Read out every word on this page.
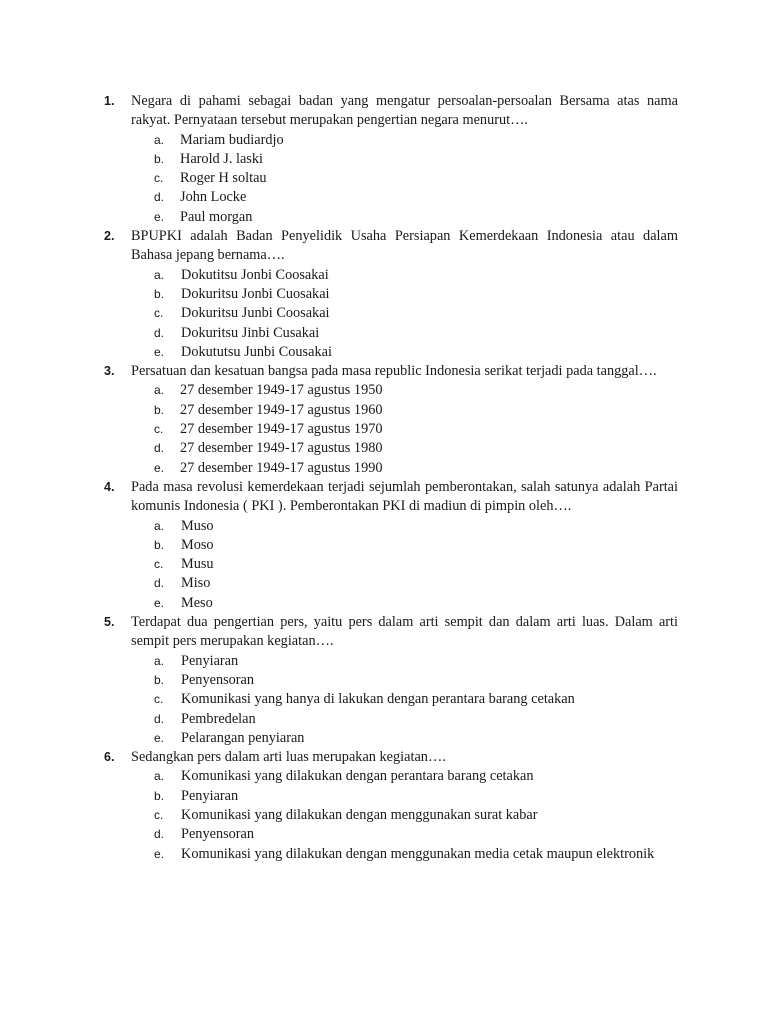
1. Negara di pahami sebagai badan yang mengatur persoalan-persoalan Bersama atas nama rakyat. Pernyataan tersebut merupakan pengertian negara menurut….

a. Mariam budiardjo
b. Harold J. laski
c. Roger H soltau
d. John Locke
e. Paul morgan
2. BPUPKI adalah Badan Penyelidik Usaha Persiapan Kemerdekaan Indonesia atau dalam Bahasa jepang bernama….

a. Dokutitsu Jonbi Coosakai
b. Dokuritsu Jonbi Cuosakai
c. Dokuritsu Junbi Coosakai
d. Dokuritsu Jinbi Cusakai
e. Dokututsu Junbi Cousakai
3. Persatuan dan kesatuan bangsa pada masa republic Indonesia serikat terjadi pada tanggal….

a. 27 desember 1949-17 agustus 1950
b. 27 desember 1949-17 agustus 1960
c. 27 desember 1949-17 agustus 1970
d. 27 desember 1949-17 agustus 1980
e. 27 desember 1949-17 agustus 1990
4. Pada masa revolusi kemerdekaan terjadi sejumlah pemberontakan, salah satunya adalah Partai komunis Indonesia ( PKI ). Pemberontakan PKI di madiun di pimpin oleh….

a. Muso
b. Moso
c. Musu
d. Miso
e. Meso
5. Terdapat dua pengertian pers, yaitu pers dalam arti sempit dan dalam arti luas. Dalam arti sempit pers merupakan kegiatan….

a. Penyiaran
b. Penyensoran
c. Komunikasi yang hanya di lakukan dengan perantara barang cetakan
d. Pembredelan
e. Pelarangan penyiaran
6. Sedangkan pers dalam arti luas merupakan kegiatan….

a. Komunikasi yang dilakukan dengan perantara barang cetakan
b. Penyiaran
c. Komunikasi yang dilakukan dengan menggunakan surat kabar
d. Penyensoran
e. Komunikasi yang dilakukan dengan menggunakan media cetak maupun elektronik
